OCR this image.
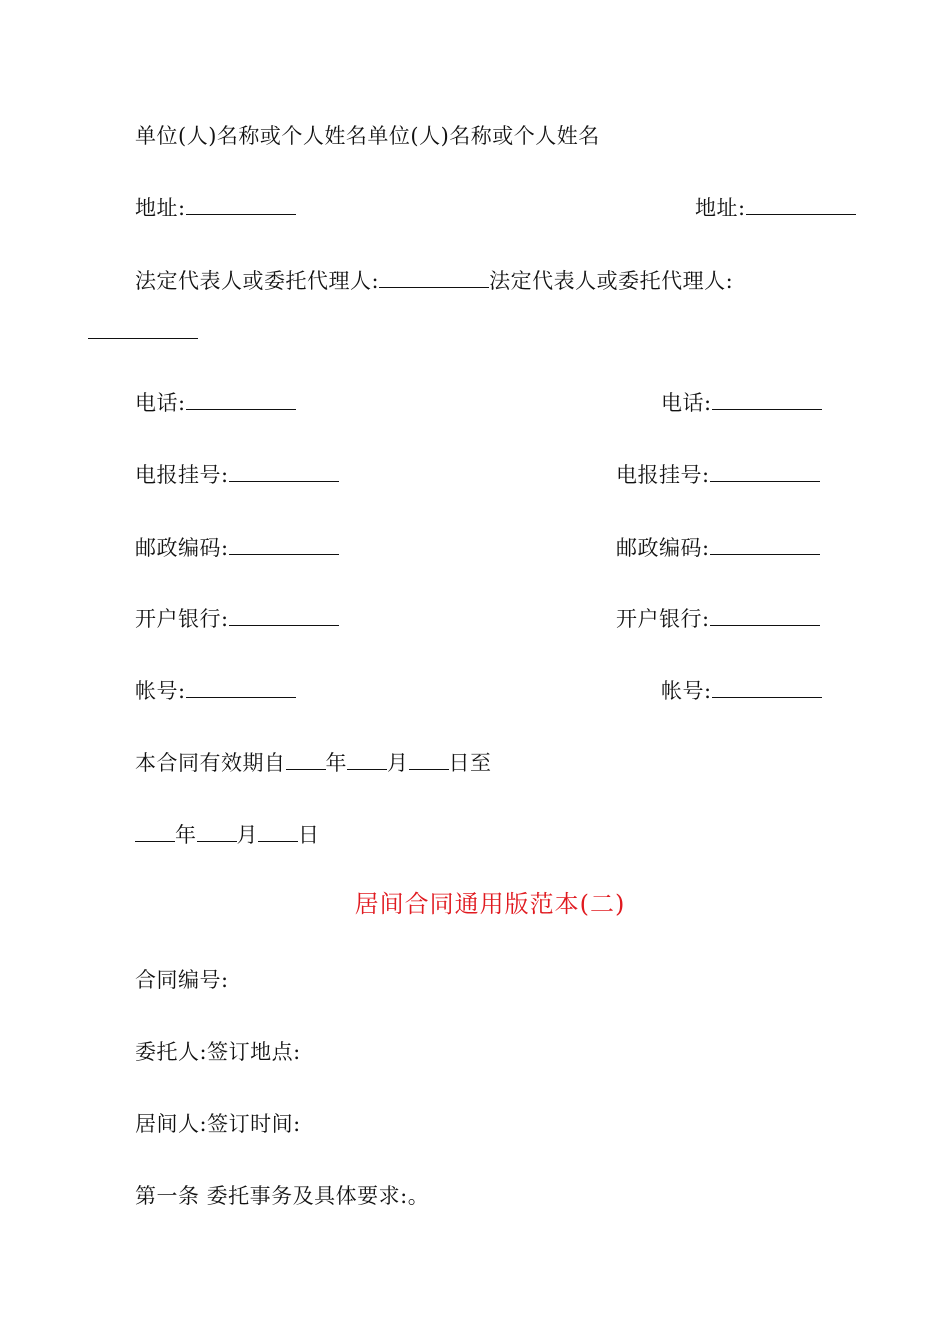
单位(人)名称或个人姓名单位(人)名称或个人姓名
地址:	地址:
法定代表人或委托代理人:	法定代表人或委托代理人:
电话:	电话:
电报挂号:	电报挂号:
邮政编码:	邮政编码:
开户银行:	开户银行:
帐号:	帐号:
本合同有效期自 年 月 日至
年 月 日
居间合同通用版范本(二)
合同编号:
委托人:签订地点:
居间人:签订时间:
第一条 委托事务及具体要求:。
